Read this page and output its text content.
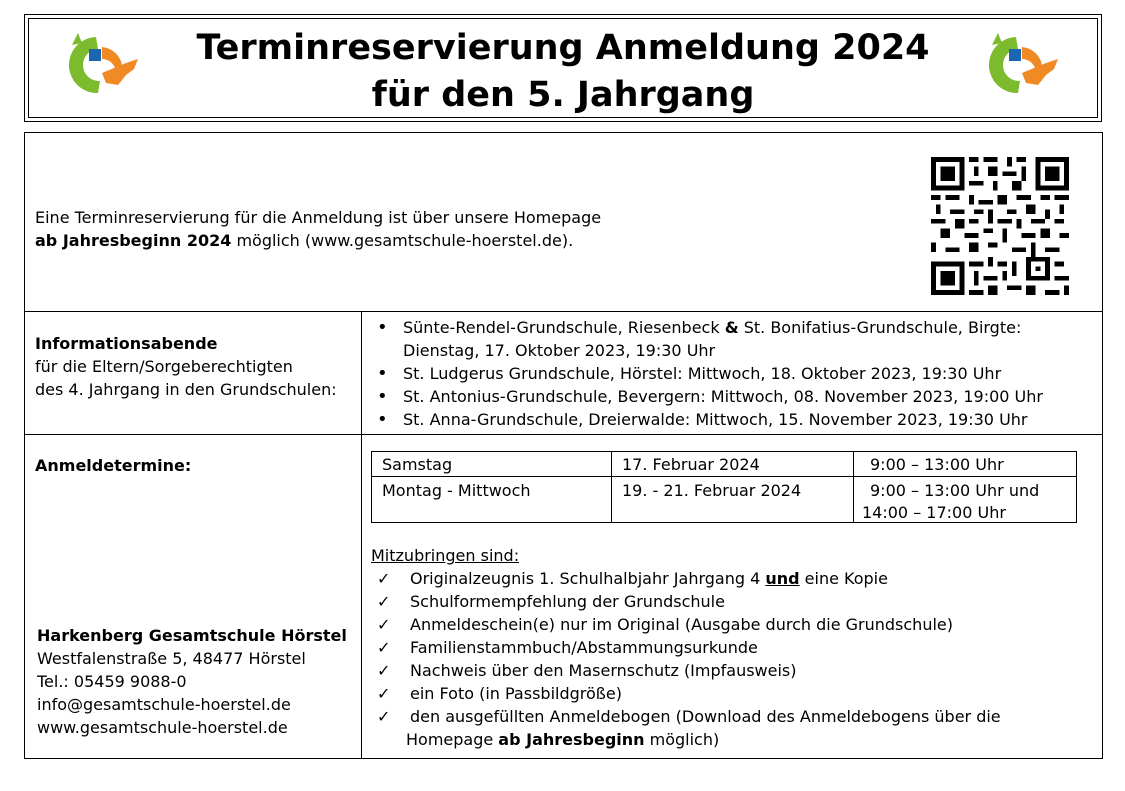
Terminreservierung Anmeldung 2024
für den 5. Jahrgang
Eine Terminreservierung für die Anmeldung ist über unsere Homepage
ab Jahresbeginn 2024 möglich (www.gesamtschule-hoerstel.de).
Informationsabende
für die Eltern/Sorgeberechtigten
des 4. Jahrgang in den Grundschulen:
• Sünte-Rendel-Grundschule, Riesenbeck & St. Bonifatius-Grundschule, Birgte:
Dienstag, 17. Oktober 2023, 19:30 Uhr
• St. Ludgerus Grundschule, Hörstel: Mittwoch, 18. Oktober 2023, 19:30 Uhr
• St. Antonius-Grundschule, Bevergern: Mittwoch, 08. November 2023, 19:00 Uhr
• St. Anna-Grundschule, Dreierwalde: Mittwoch, 15. November 2023, 19:30 Uhr
Anmeldetermine:	Samstag	17. Februar 2024	9:00 – 13:00 Uhr
Montag - Mittwoch	19. - 21. Februar 2024	9:00 – 13:00 Uhr und
14:00 – 17:00 Uhr
Mitzubringen sind:
✓ Originalzeugnis 1. Schulhalbjahr Jahrgang 4 und eine Kopie
✓ Schulformempfehlung der Grundschule
✓ Anmeldeschein(e) nur im Original (Ausgabe durch die Grundschule)
✓ Familienstammbuch/Abstammungsurkunde
✓ Nachweis über den Masernschutz (Impfausweis)
✓ ein Foto (in Passbildgröße)
✓ den ausgefüllten Anmeldebogen (Download des Anmeldebogens über die
Homepage ab Jahresbeginn möglich)
Harkenberg Gesamtschule Hörstel
Westfalenstraße 5, 48477 Hörstel
Tel.: 05459 9088-0
info@gesamtschule-hoerstel.de
www.gesamtschule-hoerstel.de
